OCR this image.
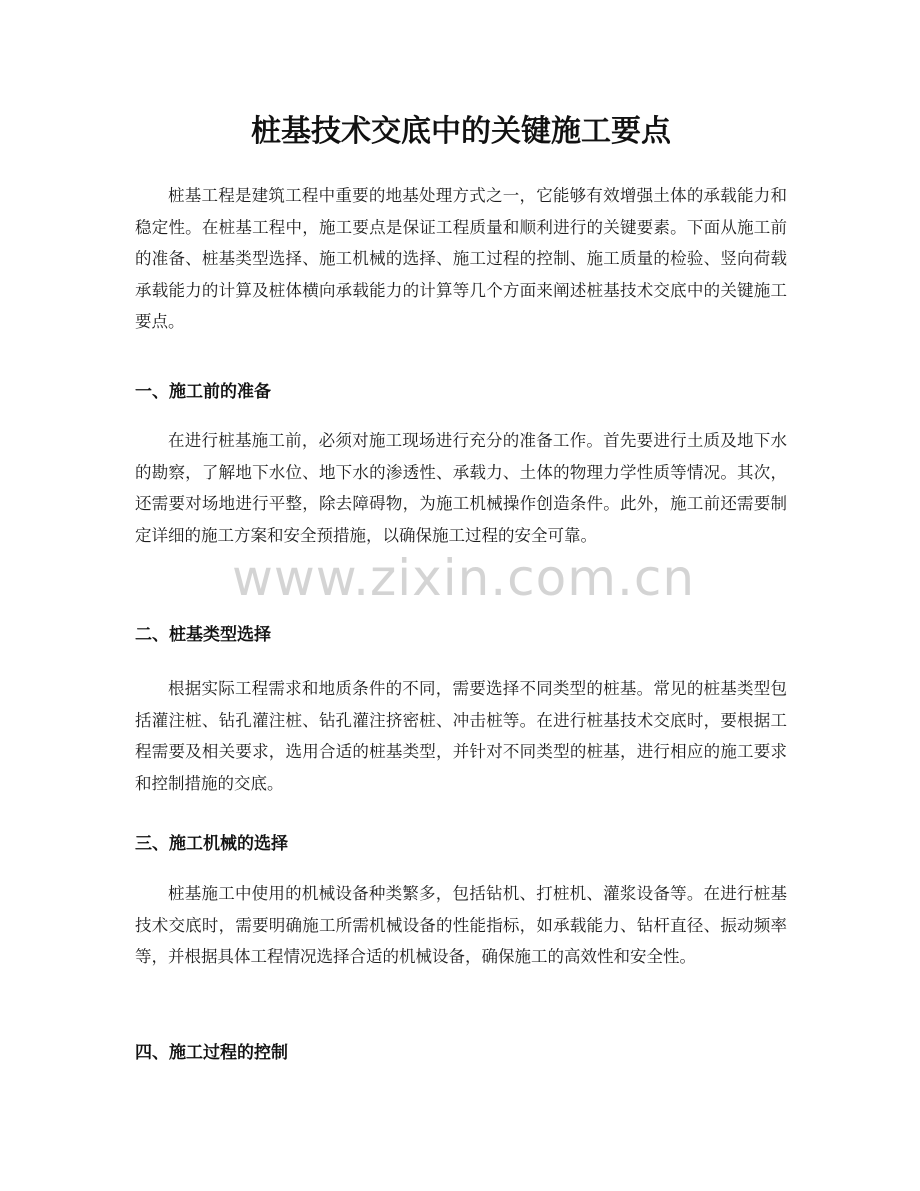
桩基技术交底中的关键施工要点

桩基工程是建筑工程中重要的地基处理方式之一，它能够有效增强土体的承载能力和稳定性。在桩基工程中，施工要点是保证工程质量和顺利进行的关键要素。下面从施工前的准备、桩基类型选择、施工机械的选择、施工过程的控制、施工质量的检验、竖向荷载承载能力的计算及桩体横向承载能力的计算等几个方面来阐述桩基技术交底中的关键施工要点。

一、施工前的准备

在进行桩基施工前，必须对施工现场进行充分的准备工作。首先要进行土质及地下水的勘察，了解地下水位、地下水的渗透性、承载力、土体的物理力学性质等情况。其次，还需要对场地进行平整，除去障碍物，为施工机械操作创造条件。此外，施工前还需要制定详细的施工方案和安全预措施，以确保施工过程的安全可靠。

二、桩基类型选择

根据实际工程需求和地质条件的不同，需要选择不同类型的桩基。常见的桩基类型包括灌注桩、钻孔灌注桩、钻孔灌注挤密桩、冲击桩等。在进行桩基技术交底时，要根据工程需要及相关要求，选用合适的桩基类型，并针对不同类型的桩基，进行相应的施工要求和控制措施的交底。

三、施工机械的选择

桩基施工中使用的机械设备种类繁多，包括钻机、打桩机、灌浆设备等。在进行桩基技术交底时，需要明确施工所需机械设备的性能指标，如承载能力、钻杆直径、振动频率等，并根据具体工程情况选择合适的机械设备，确保施工的高效性和安全性。

四、施工过程的控制
www.zixin.com.cn
